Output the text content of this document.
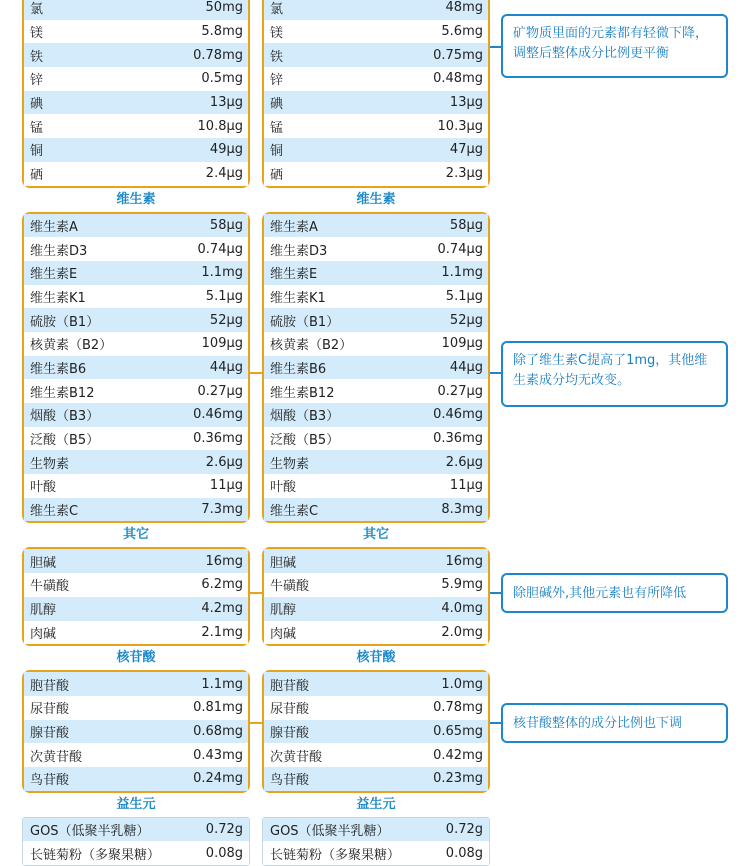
氯	50mg
镁	5.8mg
铁	0.78mg
锌	0.5mg
碘	13μg
锰	10.8μg
铜	49μg
硒	2.4μg
维生素
维生素A	58μg
维生素D3	0.74μg
维生素E	1.1mg
维生素K1	5.1μg
硫胺（B1）	52μg
核黄素（B2）	109μg
维生素B6	44μg
维生素B12	0.27μg
烟酸（B3）	0.46mg
泛酸（B5）	0.36mg
生物素	2.6μg
叶酸	11μg
维生素C	7.3mg
其它
胆碱	16mg
牛磺酸	6.2mg
肌醇	4.2mg
肉碱	2.1mg
核苷酸
胞苷酸	1.1mg
尿苷酸	0.81mg
腺苷酸	0.68mg
次黄苷酸	0.43mg
鸟苷酸	0.24mg
益生元
GOS（低聚半乳糖）	0.72g
长链菊粉（多聚果糖）	0.08g
氯	48mg
镁	5.6mg
铁	0.75mg
锌	0.48mg
碘	13μg
锰	10.3μg
铜	47μg
硒	2.3μg
维生素
维生素A	58μg
维生素D3	0.74μg
维生素E	1.1mg
维生素K1	5.1μg
硫胺（B1）	52μg
核黄素（B2）	109μg
维生素B6	44μg
维生素B12	0.27μg
烟酸（B3）	0.46mg
泛酸（B5）	0.36mg
生物素	2.6μg
叶酸	11μg
维生素C	8.3mg
其它
胆碱	16mg
牛磺酸	5.9mg
肌醇	4.0mg
肉碱	2.0mg
核苷酸
胞苷酸	1.0mg
尿苷酸	0.78mg
腺苷酸	0.65mg
次黄苷酸	0.42mg
鸟苷酸	0.23mg
益生元
GOS（低聚半乳糖）	0.72g
长链菊粉（多聚果糖）	0.08g
矿物质里面的元素都有轻微下降，调整后整体成分比例更平衡
除了维生素C提高了1mg，其他维生素成分均无改变。
除胆碱外,其他元素也有所降低
核苷酸整体的成分比例也下调
